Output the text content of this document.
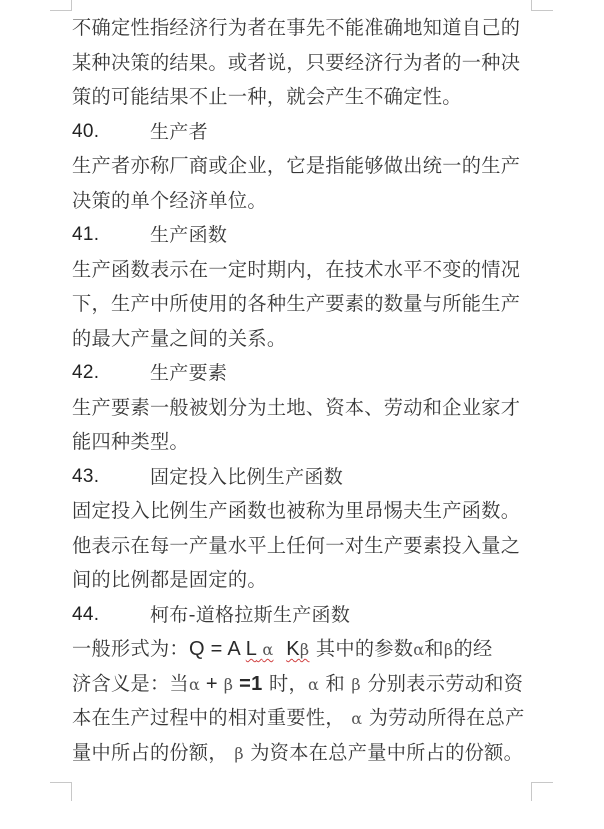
不确定性指经济行为者在事先不能准确地知道自己的
某种决策的结果。或者说，只要经济行为者的一种决
策的可能结果不止一种，就会产生不确定性。
40.	生产者
生产者亦称厂商或企业，它是指能够做出统一的生产
决策的单个经济单位。
41.	生产函数
生产函数表示在一定时期内，在技术水平不变的情况
下，生产中所使用的各种生产要素的数量与所能生产
的最大产量之间的关系。
42.	生产要素
生产要素一般被划分为土地、资本、劳动和企业家才
能四种类型。
43.	固定投入比例生产函数
固定投入比例生产函数也被称为里昂惕夫生产函数。
他表示在每一产量水平上任何一对生产要素投入量之
间的比例都是固定的。
44.	柯布-道格拉斯生产函数
一般形式为：Q = A L α Kβ 其中的参数α和β的经
济含义是：当α + β =1 时，α 和 β 分别表示劳动和资
本在生产过程中的相对重要性， α 为劳动所得在总产
量中所占的份额， β 为资本在总产量中所占的份额。
